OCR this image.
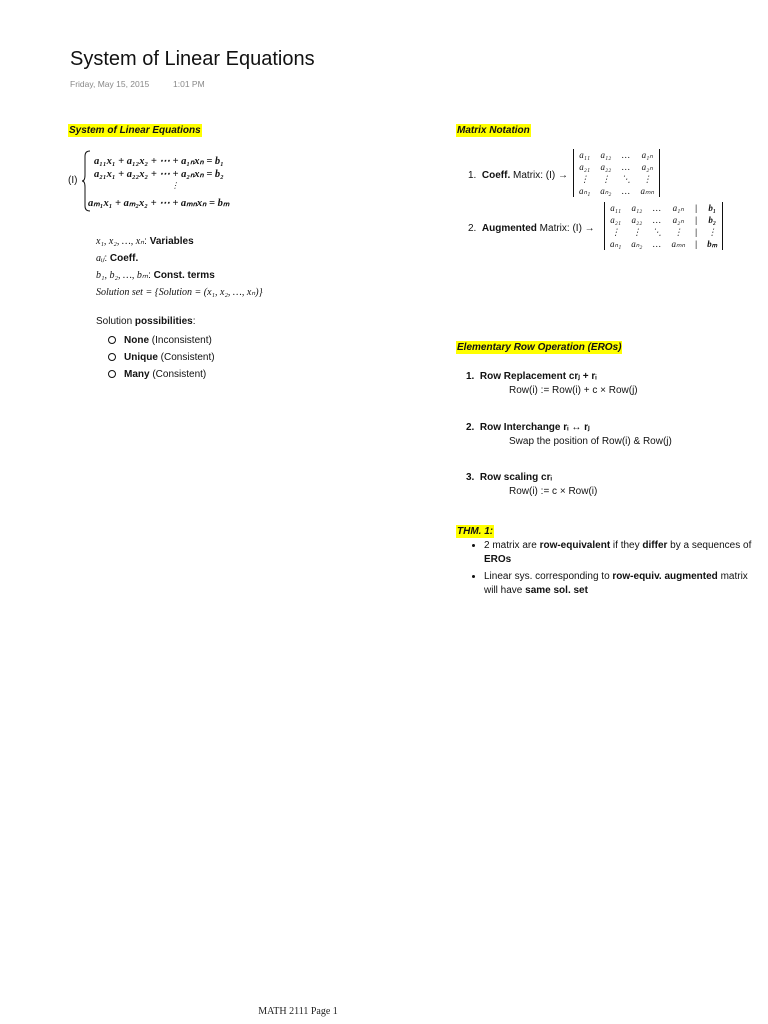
System of Linear Equations
Friday, May 15, 2015	1:01 PM
System of Linear Equations
(I)
a₁₁x₁ + a₁₂x₂ + ⋯ + a₁ₙxₙ = b₁
a₂₁x₁ + a₂₂x₂ + ⋯ + a₂ₙxₙ = b₂
⋮
aₘ₁x₁ + aₘ₂x₂ + ⋯ + aₘₙxₙ = bₘ
x₁, x₂, …, xₙ: Variables
aᵢⱼ: Coeff.
b₁, b₂, …, bₘ: Const. terms
Solution set = {Solution = (x₁, x₂, …, xₙ)}
Solution possibilities:
None (Inconsistent)
Unique (Consistent)
Many (Consistent)
Matrix Notation
1. Coeff. Matrix: (I) →
a₁₁	a₁₂	…	a₁ₙ
a₂₁	a₂₂	…	a₂ₙ
⋮	⋮	⋱	⋮
aₙ₁	aₙ₂	…	aₘₙ
2. Augmented Matrix: (I) →
a₁₁	a₁₂	…	a₁ₙ	|	b₁
a₂₁	a₂₂	…	a₂ₙ	|	b₂
⋮	⋮	⋱	⋮	|	⋮
aₙ₁	aₙ₂	…	aₘₙ	|	bₘ
Elementary Row Operation (EROs)
1. Row Replacement crⱼ + rᵢ
Row(i) := Row(i) + c × Row(j)
2. Row Interchange rᵢ ↔ rⱼ
Swap the position of Row(i) & Row(j)
3. Row scaling crᵢ
Row(i) := c × Row(i)
THM. 1:
• 2 matrix are row-equivalent if they differ by a sequences of EROs
• Linear sys. corresponding to row-equiv. augmented matrix will have same sol. set
MATH 2111 Page 1
